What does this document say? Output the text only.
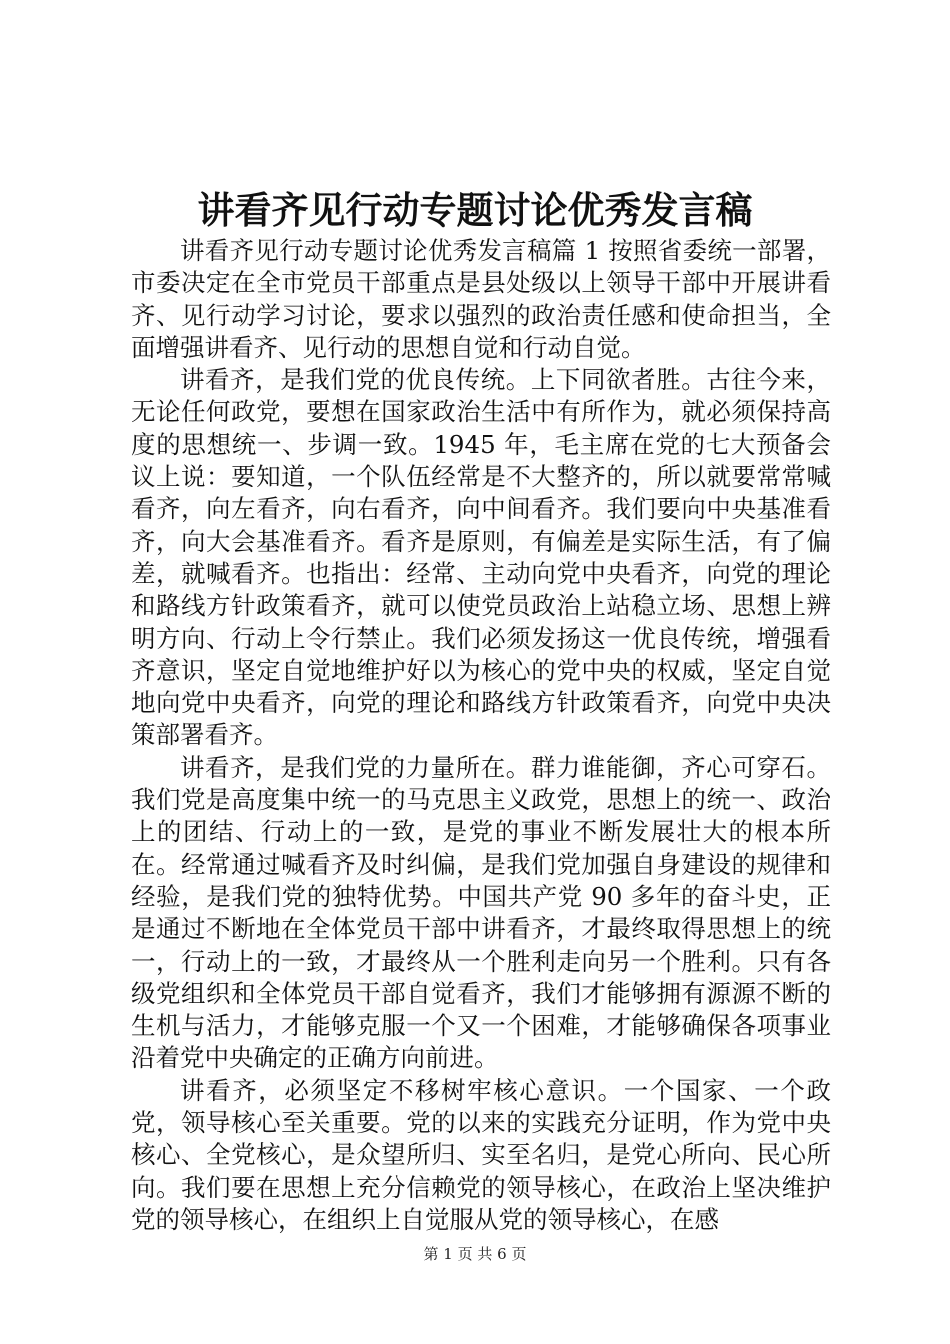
讲看齐见行动专题讨论优秀发言稿

讲看齐见行动专题讨论优秀发言稿篇 1 按照省委统一部署，市委决定在全市党员干部重点是县处级以上领导干部中开展讲看齐、见行动学习讨论，要求以强烈的政治责任感和使命担当，全面增强讲看齐、见行动的思想自觉和行动自觉。

讲看齐，是我们党的优良传统。上下同欲者胜。古往今来，无论任何政党，要想在国家政治生活中有所作为，就必须保持高度的思想统一、步调一致。1945 年，毛主席在党的七大预备会议上说：要知道，一个队伍经常是不大整齐的，所以就要常常喊看齐，向左看齐，向右看齐，向中间看齐。我们要向中央基准看齐，向大会基准看齐。看齐是原则，有偏差是实际生活，有了偏差，就喊看齐。也指出：经常、主动向党中央看齐，向党的理论和路线方针政策看齐，就可以使党员政治上站稳立场、思想上辨明方向、行动上令行禁止。我们必须发扬这一优良传统，增强看齐意识，坚定自觉地维护好以为核心的党中央的权威，坚定自觉地向党中央看齐，向党的理论和路线方针政策看齐，向党中央决策部署看齐。

讲看齐，是我们党的力量所在。群力谁能御，齐心可穿石。我们党是高度集中统一的马克思主义政党，思想上的统一、政治上的团结、行动上的一致，是党的事业不断发展壮大的根本所在。经常通过喊看齐及时纠偏，是我们党加强自身建设的规律和经验，是我们党的独特优势。中国共产党 90 多年的奋斗史，正是通过不断地在全体党员干部中讲看齐，才最终取得思想上的统一，行动上的一致，才最终从一个胜利走向另一个胜利。只有各级党组织和全体党员干部自觉看齐，我们才能够拥有源源不断的生机与活力，才能够克服一个又一个困难，才能够确保各项事业沿着党中央确定的正确方向前进。

讲看齐，必须坚定不移树牢核心意识。一个国家、一个政党，领导核心至关重要。党的以来的实践充分证明，作为党中央核心、全党核心，是众望所归、实至名归，是党心所向、民心所向。我们要在思想上充分信赖党的领导核心，在政治上坚决维护党的领导核心，在组织上自觉服从党的领导核心，在感

第 1 页 共 6 页
